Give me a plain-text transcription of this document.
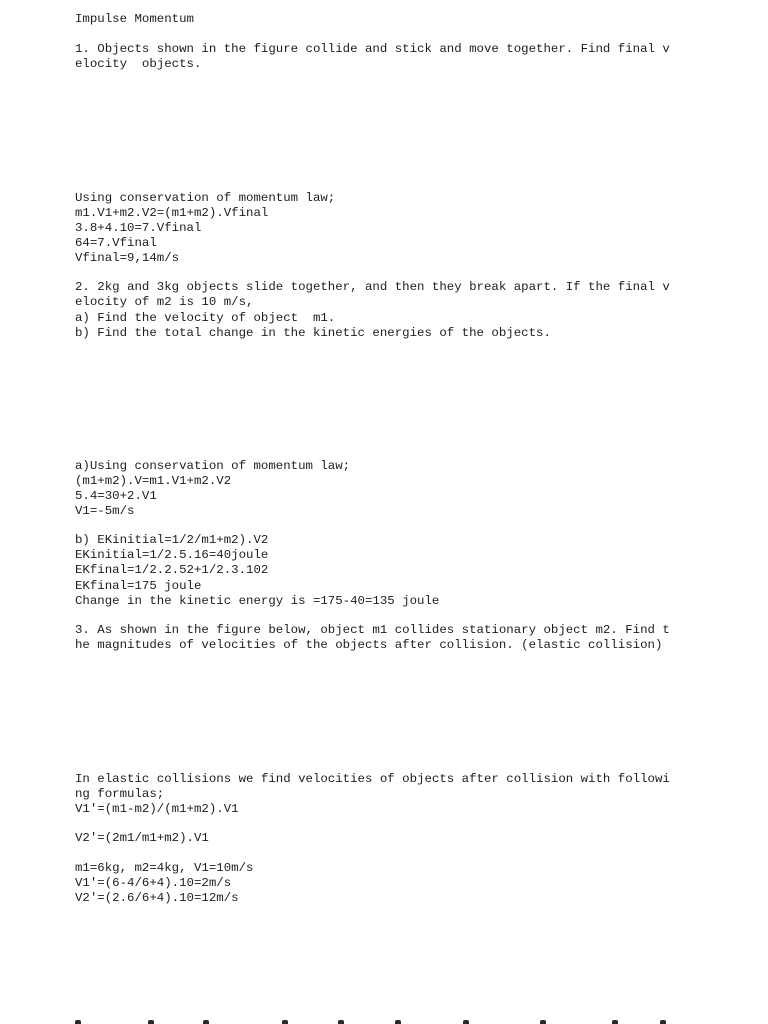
Impulse Momentum

1. Objects shown in the figure collide and stick and move together. Find final v

elocity  objects.

Using conservation of momentum law;

m1.V1+m2.V2=(m1+m2).Vfinal

3.8+4.10=7.Vfinal

64=7.Vfinal

Vfinal=9,14m/s

2. 2kg and 3kg objects slide together, and then they break apart. If the final v

elocity of m2 is 10 m/s,

a) Find the velocity of object  m1.

b) Find the total change in the kinetic energies of the objects.

a)Using conservation of momentum law;

(m1+m2).V=m1.V1+m2.V2

5.4=30+2.V1

V1=-5m/s

b) EKinitial=1/2/m1+m2).V2

EKinitial=1/2.5.16=40joule

EKfinal=1/2.2.52+1/2.3.102

EKfinal=175 joule

Change in the kinetic energy is =175-40=135 joule

3. As shown in the figure below, object m1 collides stationary object m2. Find t

he magnitudes of velocities of the objects after collision. (elastic collision)

In elastic collisions we find velocities of objects after collision with followi

ng formulas;

V1'=(m1-m2)/(m1+m2).V1

V2'=(2m1/m1+m2).V1

m1=6kg, m2=4kg, V1=10m/s

V1'=(6-4/6+4).10=2m/s

V2'=(2.6/6+4).10=12m/s
